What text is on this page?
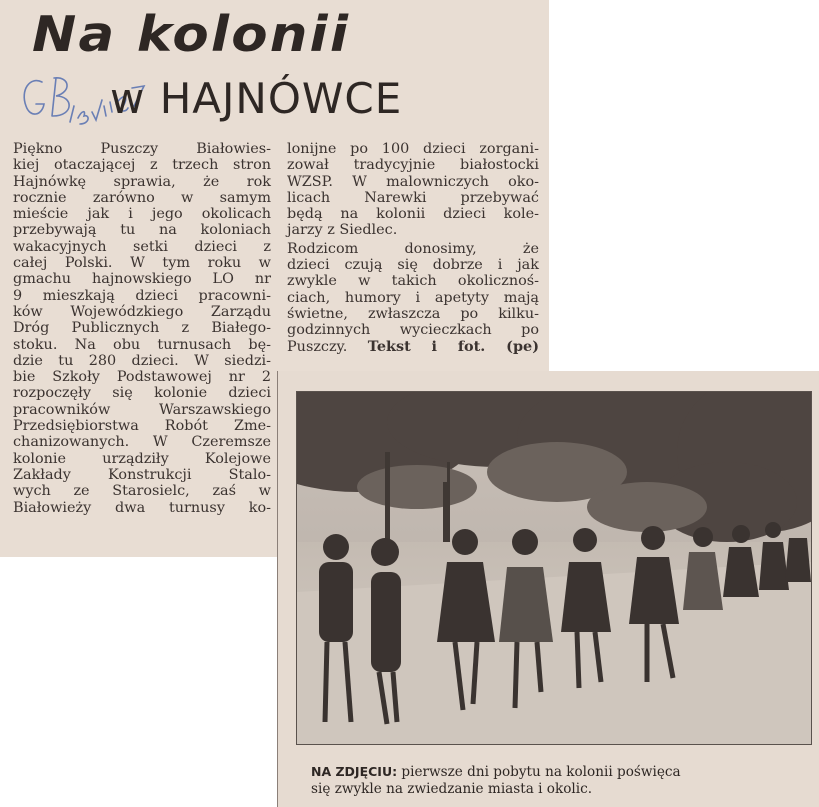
Na kolonii
w HAJNÓWCE
Piękno Puszczy Białowies-
kiej otaczającej z trzech stron
Hajnówkę sprawia, że rok
rocznie zarówno w samym
mieście jak i jego okolicach
przebywają tu na koloniach
wakacyjnych setki dzieci z
całej Polski. W tym roku w
gmachu hajnowskiego LO nr
9 mieszkają dzieci pracowni-
ków Wojewódzkiego Zarządu
Dróg Publicznych z Białego-
stoku. Na obu turnusach bę-
dzie tu 280 dzieci. W siedzi-
bie Szkoły Podstawowej nr 2
rozpoczęły się kolonie dzieci
pracowników Warszawskiego
Przedsiębiorstwa Robót Zme-
chanizowanych. W Czeremsze
kolonie urządziły Kolejowe
Zakłady Konstrukcji Stalo-
wych ze Starosielc, zaś w
Białowieży dwa turnusy ko-
lonijne po 100 dzieci zorgani-
zował tradycyjnie białostocki
WZSP. W malowniczych oko-
licach Narewki przebywać
będą na kolonii dzieci kole-
jarzy z Siedlec.
Rodzicom donosimy, że
dzieci czują się dobrze i jak
zwykle w takich okolicznoś-
ciach, humory i apetyty mają
świetne, zwłaszcza po kilku-
godzinnych wycieczkach po
Puszczy. Tekst i fot. (pe)
NA ZDJĘCIU: pierwsze dni pobytu na kolonii poświęca
się zwykle na zwiedzanie miasta i okolic.
